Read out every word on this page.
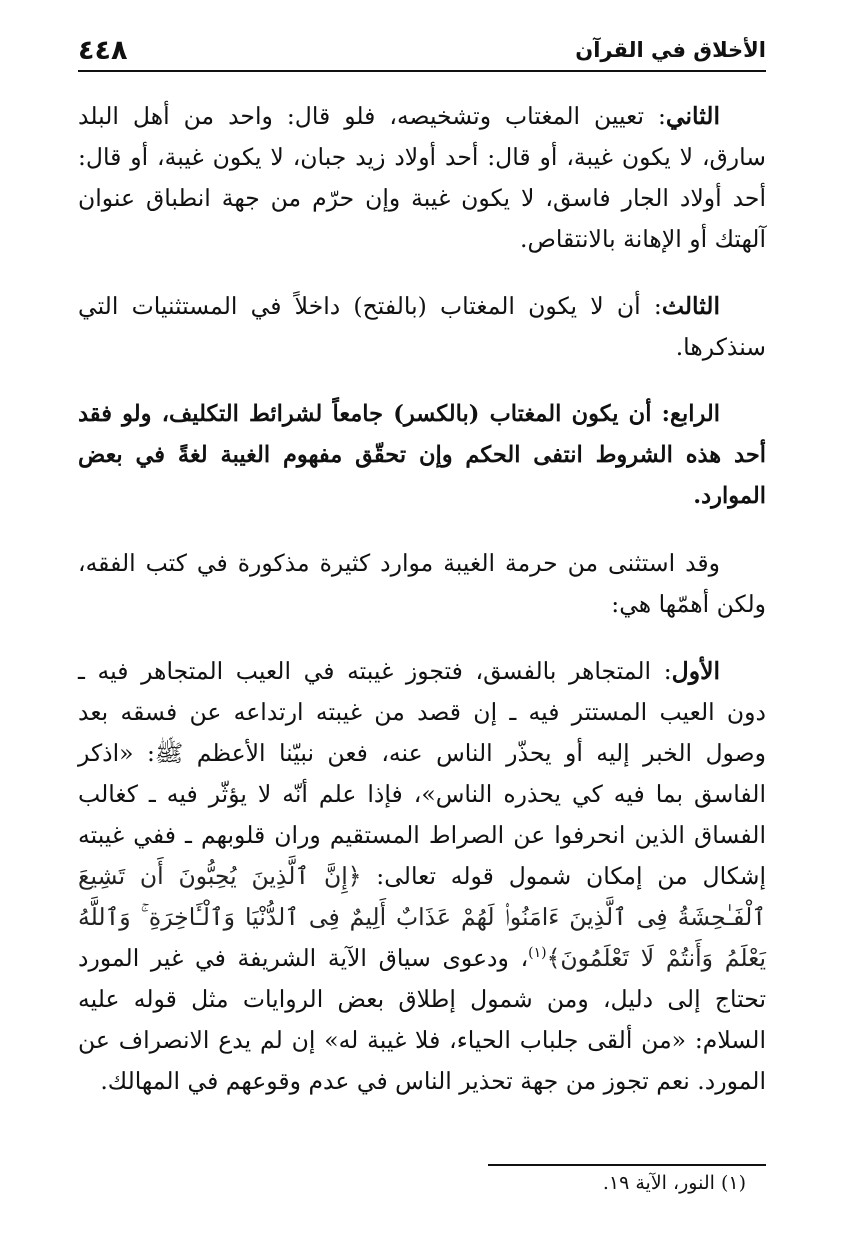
الأخلاق في القرآن
٤٤٨

الثاني: تعيين المغتاب وتشخيصه، فلو قال: واحد من أهل البلد سارق، لا يكون غيبة، أو قال: أحد أولاد زيد جبان، لا يكون غيبة، أو قال: أحد أولاد الجار فاسق، لا يكون غيبة وإن حرّم من جهة انطباق عنوان آلهتك أو الإهانة بالانتقاص.

الثالث: أن لا يكون المغتاب (بالفتح) داخلاً في المستثنيات التي سنذكرها.

الرابع: أن يكون المغتاب (بالكسر) جامعاً لشرائط التكليف، ولو فقد أحد هذه الشروط انتفى الحكم وإن تحقّق مفهوم الغيبة لغةً في بعض الموارد.

وقد استثنى من حرمة الغيبة موارد كثيرة مذكورة في كتب الفقه، ولكن أهمّها هي:

الأول: المتجاهر بالفسق، فتجوز غيبته في العيب المتجاهر فيه ـ دون العيب المستتر فيه ـ إن قصد من غيبته ارتداعه عن فسقه بعد وصول الخبر إليه أو يحذّر الناس عنه، فعن نبيّنا الأعظم ﷺ: «اذكر الفاسق بما فيه كي يحذره الناس»، فإذا علم أنّه لا يؤثّر فيه ـ كغالب الفساق الذين انحرفوا عن الصراط المستقيم وران قلوبهم ـ ففي غيبته إشكال من إمكان شمول قوله تعالى: ﴿إِنَّ ٱلَّذِينَ يُحِبُّونَ أَن تَشِيعَ ٱلْفَـٰحِشَةُ فِى ٱلَّذِينَ ءَامَنُوا۟ لَهُمْ عَذَابٌ أَلِيمٌ فِى ٱلدُّنْيَا وَٱلْـَٔاخِرَةِ ۚ وَٱللَّهُ يَعْلَمُ وَأَنتُمْ لَا تَعْلَمُونَ﴾$^{(١)}$، ودعوى سياق الآية الشريفة في غير المورد تحتاج إلى دليل، ومن شمول إطلاق بعض الروايات مثل قوله عليه السلام: «من ألقى جلباب الحياء، فلا غيبة له» إن لم يدع الانصراف عن المورد. نعم تجوز من جهة تحذير الناس في عدم وقوعهم في المهالك.

(١) النور، الآية ١٩.
